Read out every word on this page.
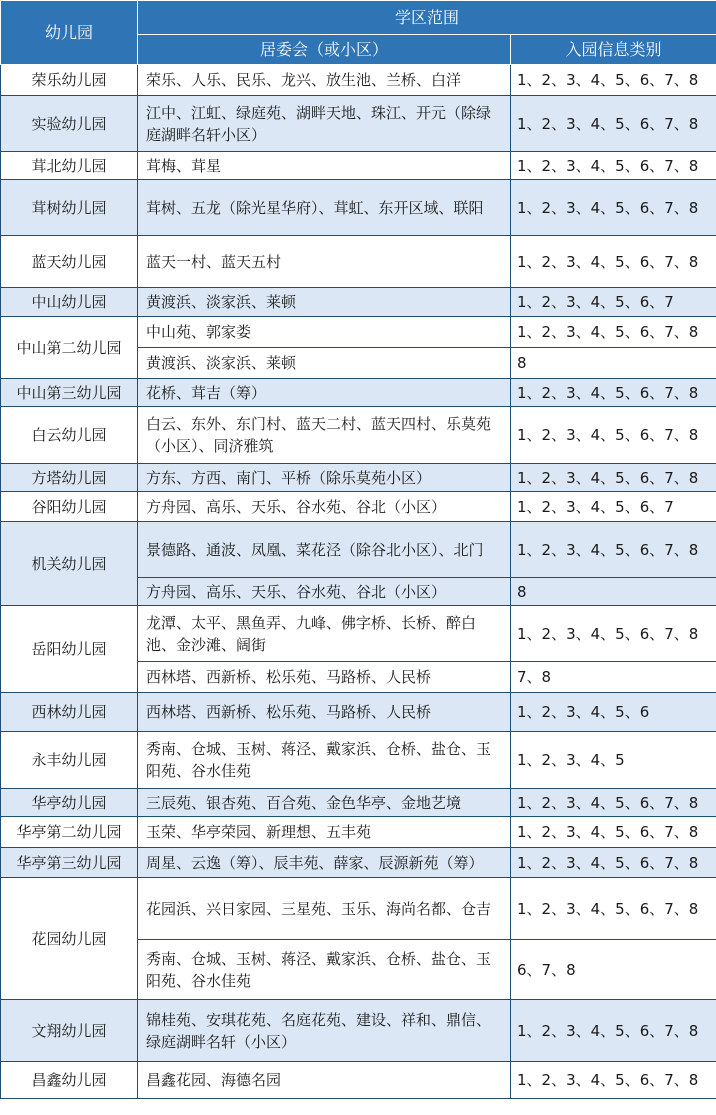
幼儿园	学区范围	
	居委会（或小区）	入园信息类别
荣乐幼儿园	荣乐、人乐、民乐、龙兴、放生池、兰桥、白洋	1、2、3、4、5、6、7、8
实验幼儿园	江中、江虹、绿庭苑、湖畔天地、珠江、开元（除绿庭湖畔名轩小区）	1、2、3、4、5、6、7、8
茸北幼儿园	茸梅、茸星	1、2、3、4、5、6、7、8
茸树幼儿园	茸树、五龙（除光星华府）、茸虹、东开区域、联阳	1、2、3、4、5、6、7、8
蓝天幼儿园	蓝天一村、蓝天五村	1、2、3、4、5、6、7、8
中山幼儿园	黄渡浜、淡家浜、莱顿	1、2、3、4、5、6、7
中山第二幼儿园	中山苑、郭家娄	1、2、3、4、5、6、7、8
	黄渡浜、淡家浜、莱顿	8
中山第三幼儿园	花桥、茸吉（筹）	1、2、3、4、5、6、7、8
白云幼儿园	白云、东外、东门村、蓝天二村、蓝天四村、乐莫苑（小区）、同济雅筑	1、2、3、4、5、6、7、8
方塔幼儿园	方东、方西、南门、平桥（除乐莫苑小区）	1、2、3、4、5、6、7、8
谷阳幼儿园	方舟园、高乐、天乐、谷水苑、谷北（小区）	1、2、3、4、5、6、7
机关幼儿园	景德路、通波、凤凰、菜花泾（除谷北小区）、北门	1、2、3、4、5、6、7、8
	方舟园、高乐、天乐、谷水苑、谷北（小区）	8
岳阳幼儿园	龙潭、太平、黑鱼弄、九峰、佛字桥、长桥、醉白池、金沙滩、阔街	1、2、3、4、5、6、7、8
	西林塔、西新桥、松乐苑、马路桥、人民桥	7、8
西林幼儿园	西林塔、西新桥、松乐苑、马路桥、人民桥	1、2、3、4、5、6
永丰幼儿园	秀南、仓城、玉树、蒋泾、戴家浜、仓桥、盐仓、玉阳苑、谷水佳苑	1、2、3、4、5
华亭幼儿园	三辰苑、银杏苑、百合苑、金色华亭、金地艺境	1、2、3、4、5、6、7、8
华亭第二幼儿园	玉荣、华亭荣园、新理想、五丰苑	1、2、3、4、5、6、7、8
华亭第三幼儿园	周星、云逸（筹）、辰丰苑、薛家、辰源新苑（筹）	1、2、3、4、5、6、7、8
花园幼儿园	花园浜、兴日家园、三星苑、玉乐、海尚名都、仓吉	1、2、3、4、5、6、7、8
	秀南、仓城、玉树、蒋泾、戴家浜、仓桥、盐仓、玉阳苑、谷水佳苑	6、7、8
文翔幼儿园	锦桂苑、安琪花苑、名庭花苑、建设、祥和、鼎信、绿庭湖畔名轩（小区）	1、2、3、4、5、6、7、8
昌鑫幼儿园	昌鑫花园、海德名园	1、2、3、4、5、6、7、8
